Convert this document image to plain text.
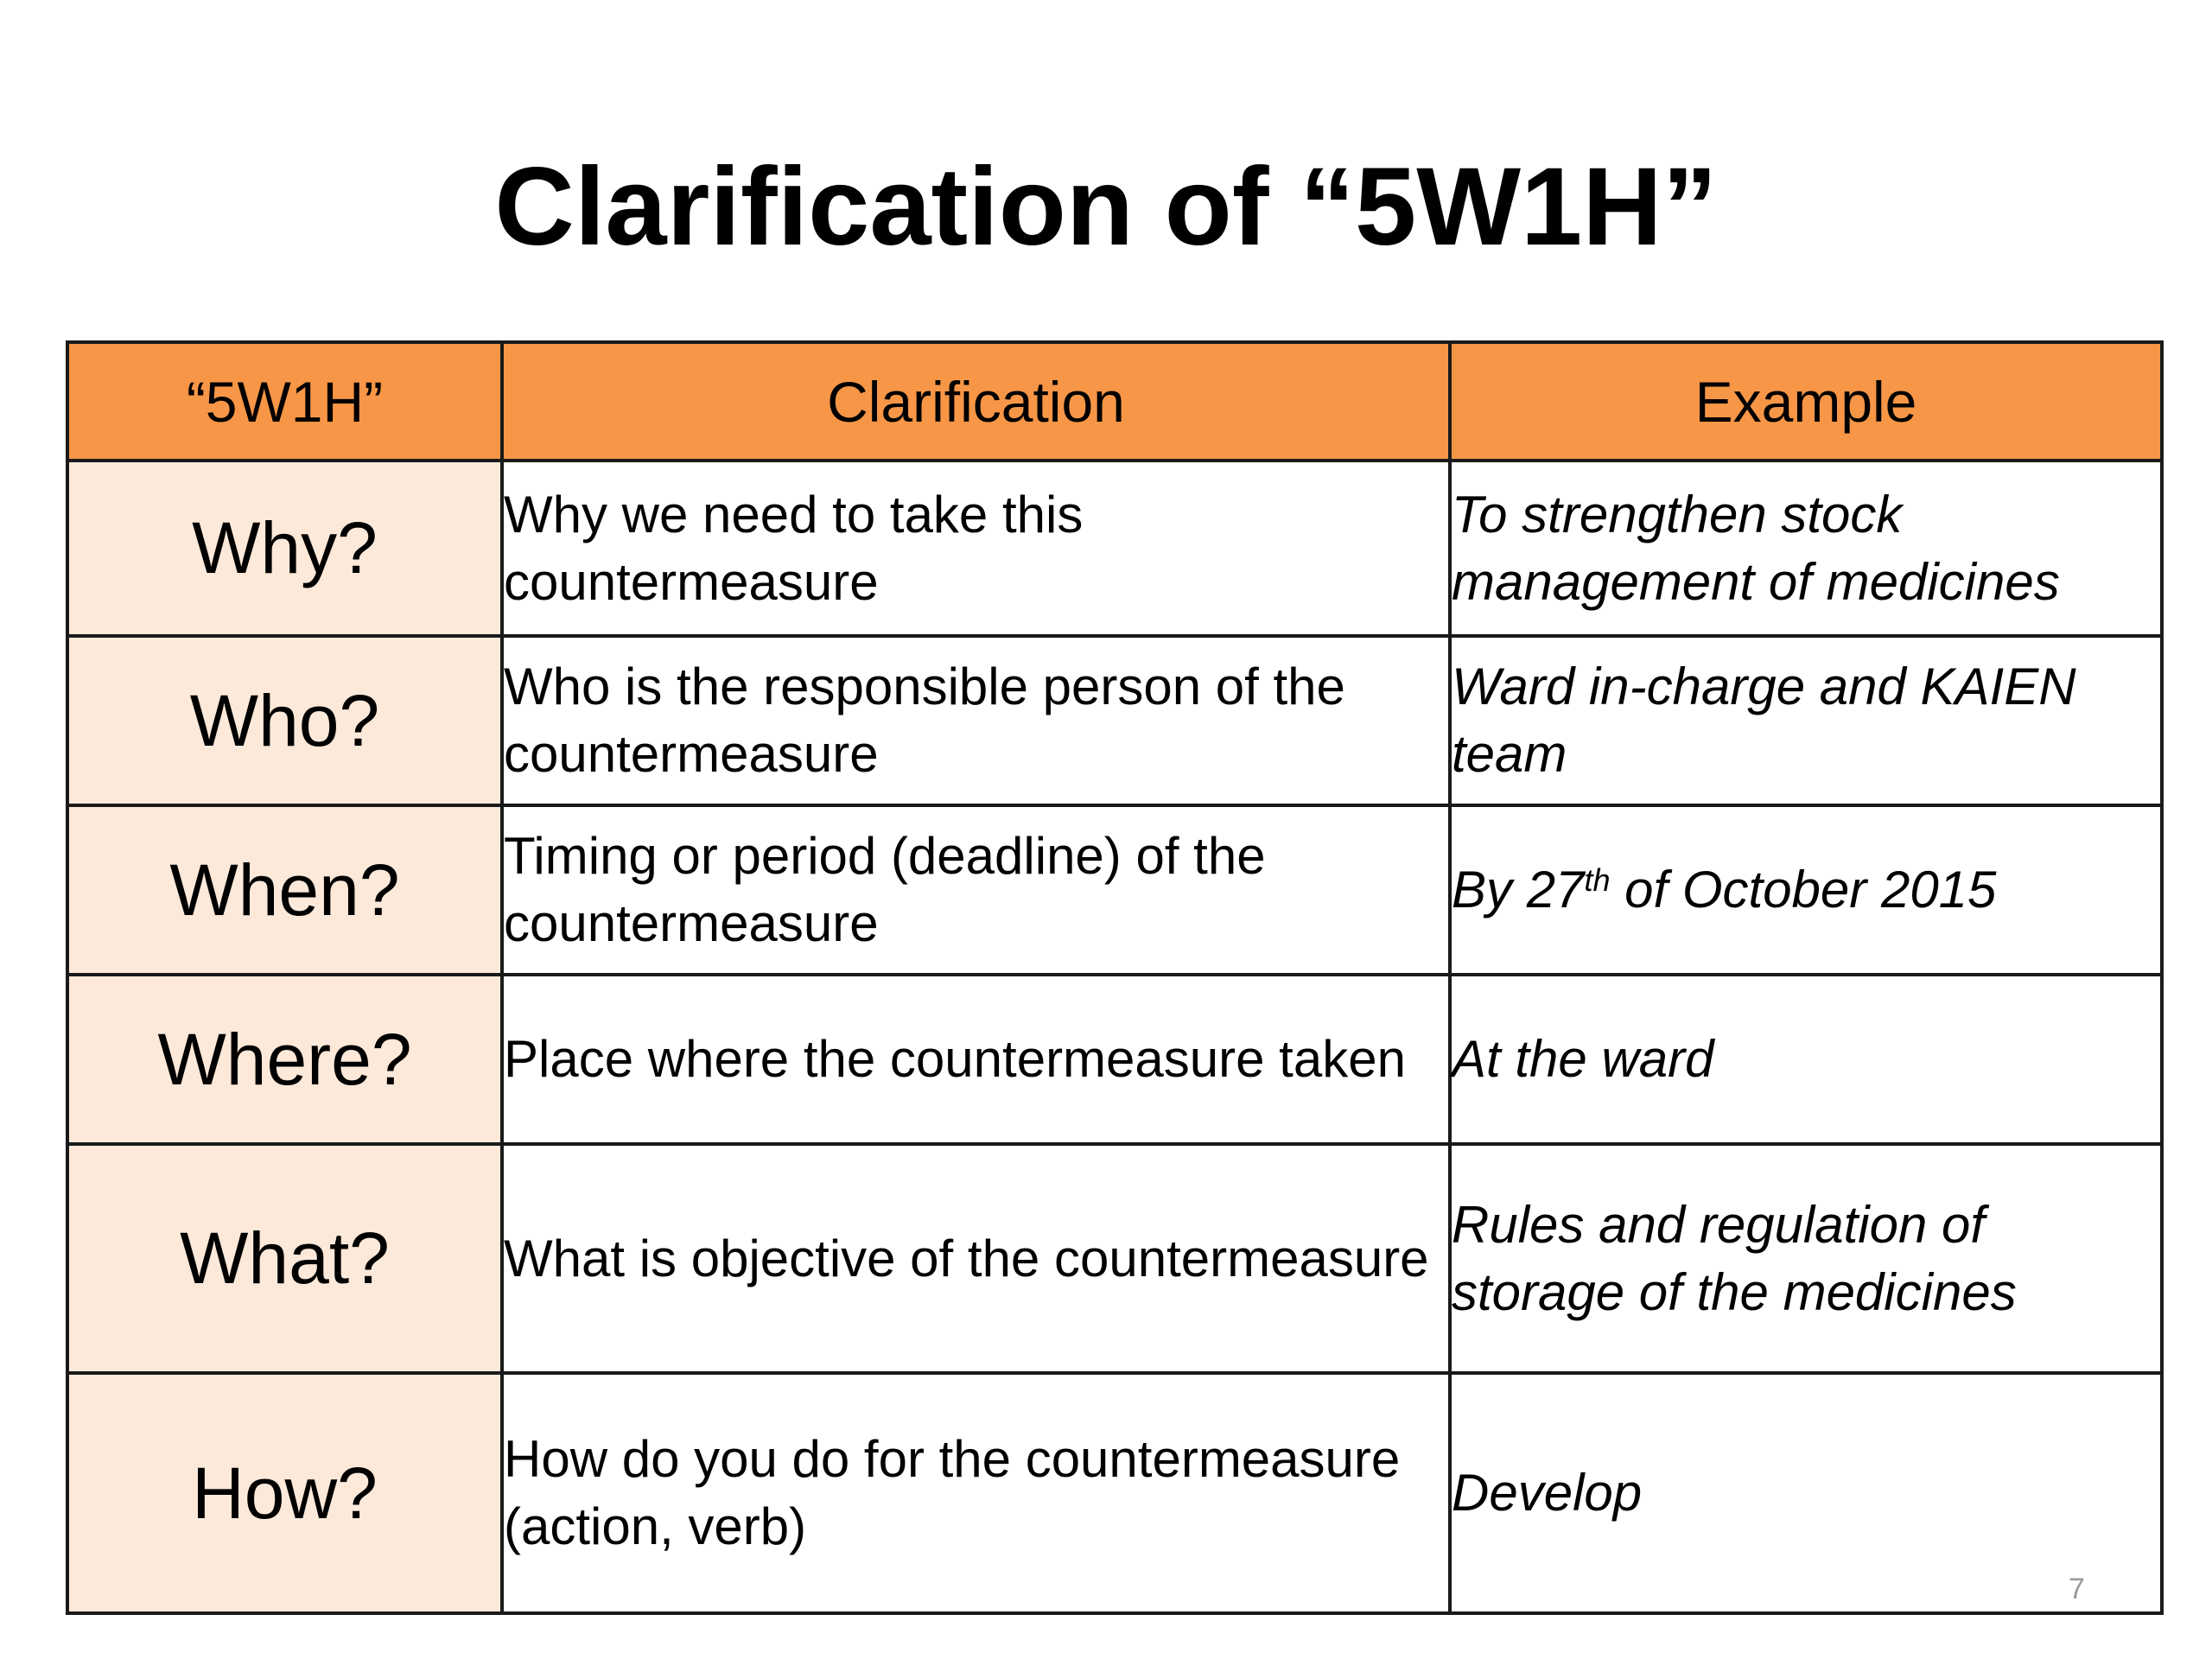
Clarification of “5W1H”
“5W1H”	Clarification	Example
Why?	Why we need to take this countermeasure	To strengthen stock management of medicines
Who?	Who is the responsible person of the countermeasure	Ward in-charge and KAIEN team
When?	Timing or period (deadline) of the countermeasure	By 27th of October 2015
Where?	Place where the countermeasure taken	At the ward
What?	What is objective of the countermeasure	Rules and regulation of storage of the medicines
How?	How do you do for the countermeasure (action, verb)	Develop
7
